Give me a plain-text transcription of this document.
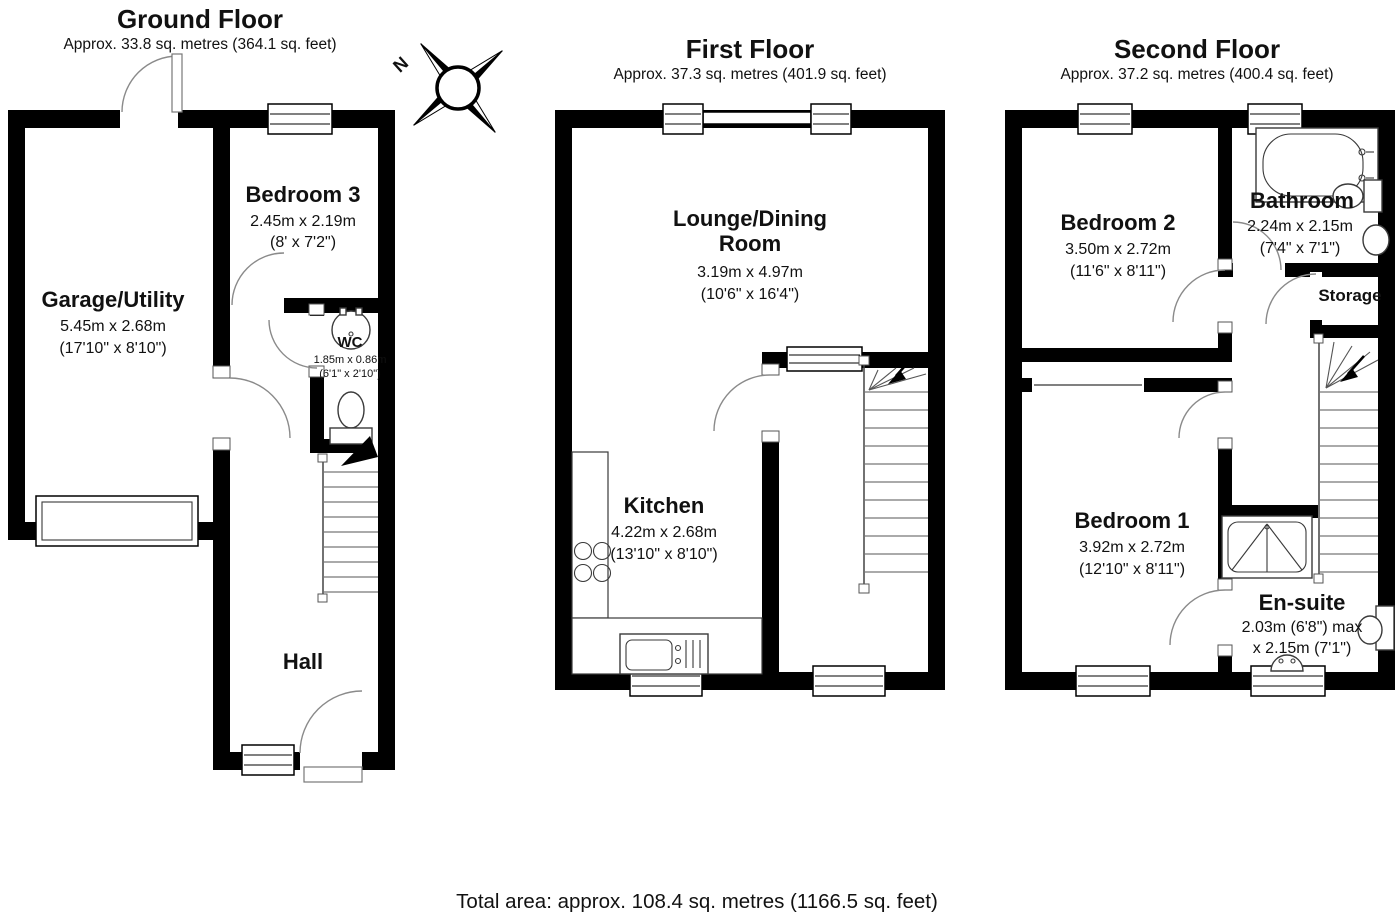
Ground Floor
Approx. 33.8 sq. metres (364.1 sq. feet)
Garage/Utility
5.45m x 2.68m
(17'10" x 8'10")
Bedroom 3
2.45m x 2.19m
(8' x 7'2")
WC
1.85m x 0.86m
(6'1" x 2'10")
Hall
N
First Floor
Approx. 37.3 sq. metres (401.9 sq. feet)
Lounge/Dining
Room
3.19m x 4.97m
(10'6" x 16'4")
Kitchen
4.22m x 2.68m
(13'10" x 8'10")
Second Floor
Approx. 37.2 sq. metres (400.4 sq. feet)
Bedroom 2
3.50m x 2.72m
(11'6" x 8'11")
Bathroom
2.24m x 2.15m
(7'4" x 7'1")
Storage
Bedroom 1
3.92m x 2.72m
(12'10" x 8'11")
En-suite
2.03m (6'8") max
x 2.15m (7'1")
Total area: approx. 108.4 sq. metres (1166.5 sq. feet)
